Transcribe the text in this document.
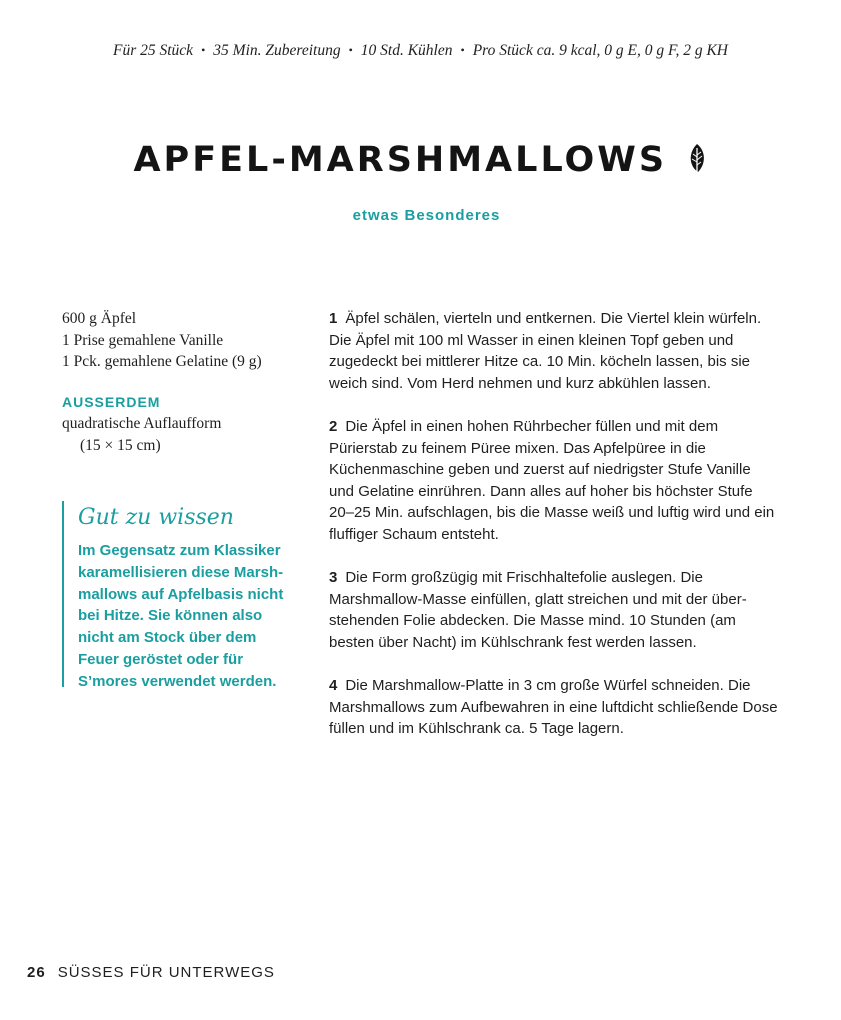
Für 25 Stück • 35 Min. Zubereitung • 10 Std. Kühlen • Pro Stück ca. 9 kcal, 0 g E, 0 g F, 2 g KH
APFEL-MARSHMALLOWS
etwas Besonderes
600 g Äpfel
1 Prise gemahlene Vanille
1 Pck. gemahlene Gelatine (9 g)
AUSSERDEM
quadratische Auflaufform
(15 × 15 cm)
Gut zu wissen
Im Gegensatz zum Klassiker karamellisieren diese Marshmallows auf Apfelbasis nicht bei Hitze. Sie können also nicht am Stock über dem Feuer geröstet oder für S’mores verwendet werden.
1 Äpfel schälen, vierteln und entkernen. Die Viertel klein würfeln. Die Äpfel mit 100 ml Wasser in einen kleinen Topf geben und zugedeckt bei mittlerer Hitze ca. 10 Min. köcheln lassen, bis sie weich sind. Vom Herd nehmen und kurz abkühlen lassen.
2 Die Äpfel in einen hohen Rührbecher füllen und mit dem Pürierstab zu feinem Püree mixen. Das Apfelpüree in die Küchenmaschine geben und zuerst auf niedrigster Stufe Vanille und Gelatine einrühren. Dann alles auf hoher bis höchster Stufe 20–25 Min. aufschlagen, bis die Masse weiß und luftig wird und ein fluffiger Schaum entsteht.
3 Die Form großzügig mit Frischhaltefolie auslegen. Die Marshmallow-Masse einfüllen, glatt streichen und mit der überstehenden Folie abdecken. Die Masse mind. 10 Stunden (am besten über Nacht) im Kühlschrank fest werden lassen.
4 Die Marshmallow-Platte in 3 cm große Würfel schneiden. Die Marshmallows zum Aufbewahren in eine luftdicht schließende Dose füllen und im Kühlschrank ca. 5 Tage lagern.
26 SÜSSES FÜR UNTERWEGS
